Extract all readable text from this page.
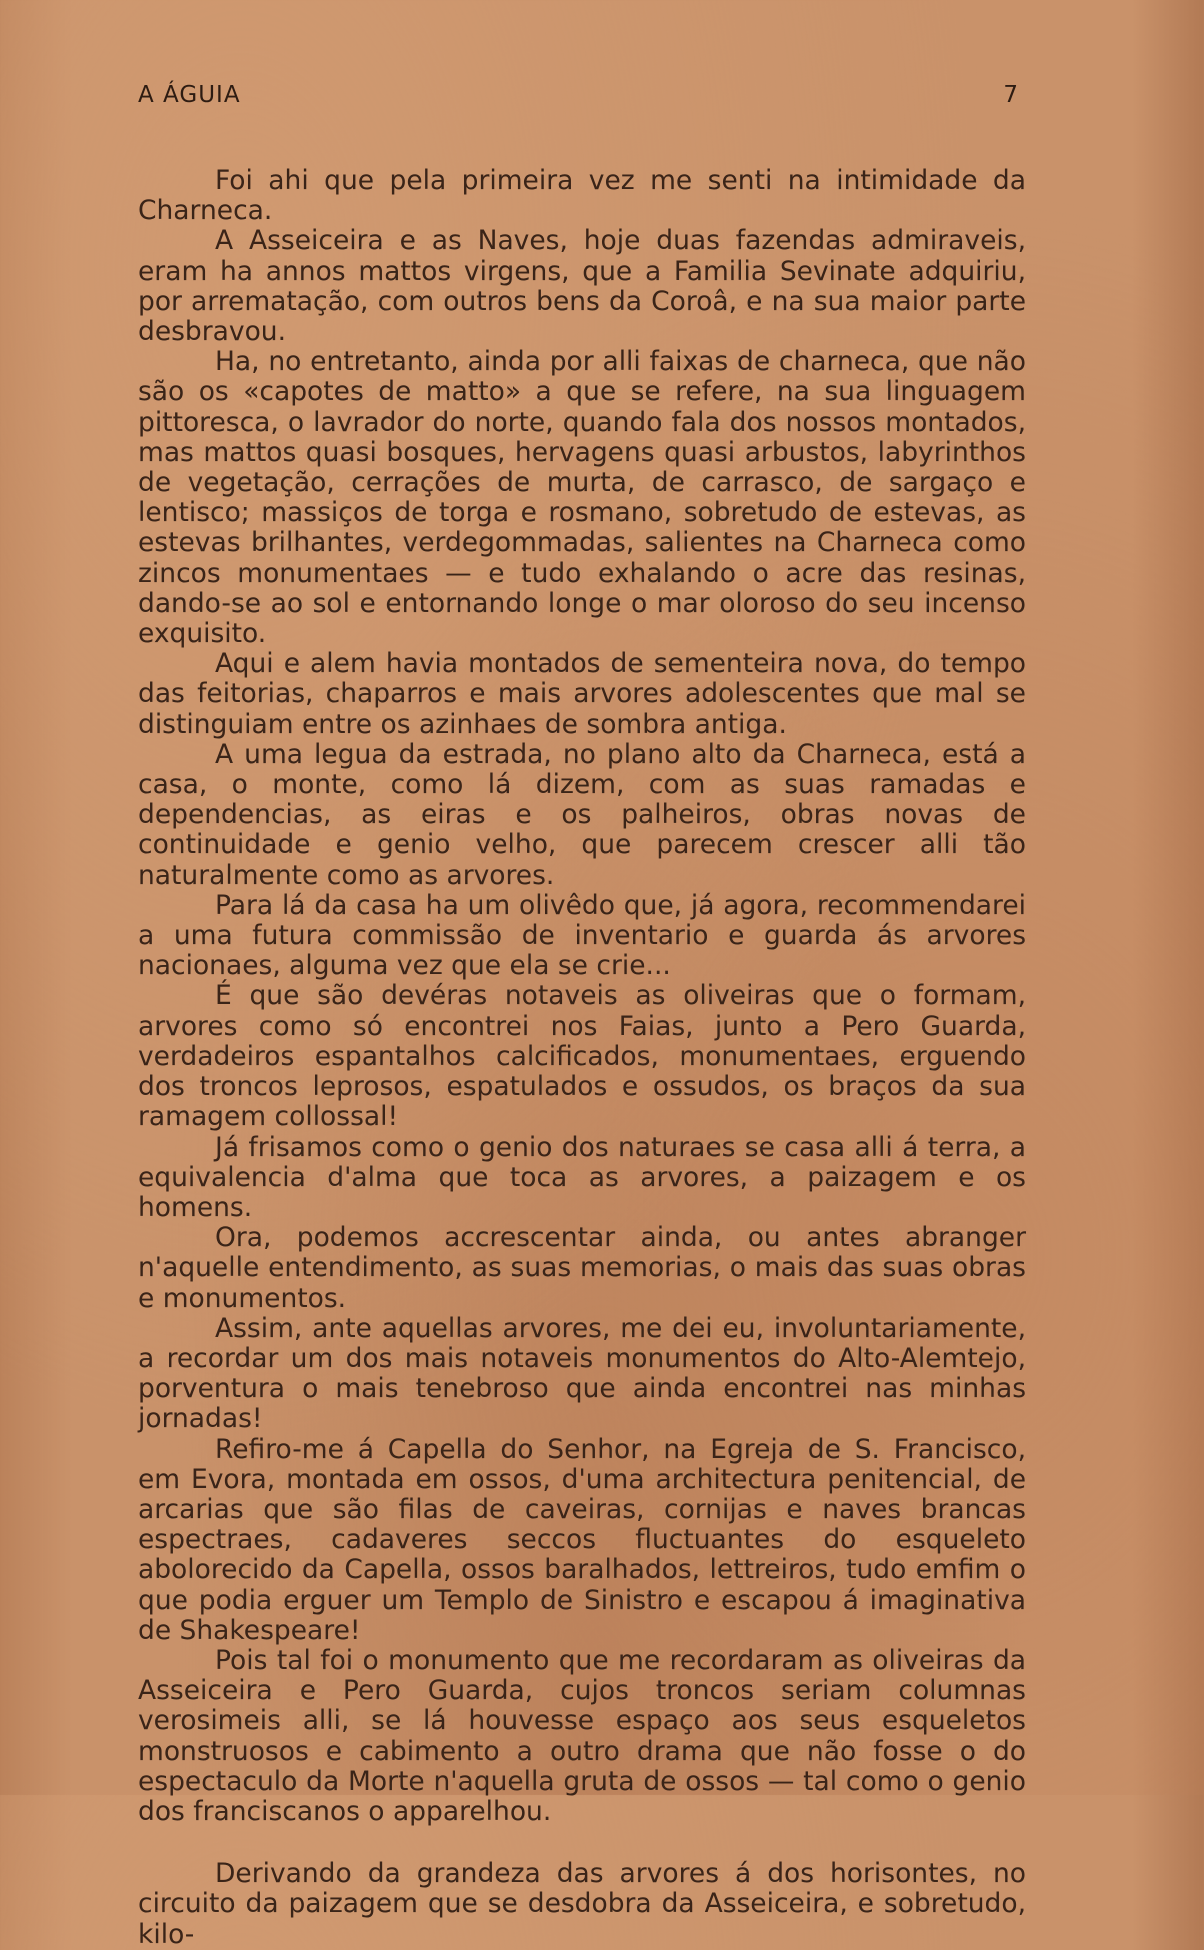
A ÁGUIA	7

Foi ahi que pela primeira vez me senti na intimidade da Charneca.

A Asseiceira e as Naves, hoje duas fazendas admiraveis, eram ha annos mattos virgens, que a Familia Sevinate adquiriu, por arrematação, com outros bens da Coroâ, e na sua maior parte desbravou.

Ha, no entretanto, ainda por alli faixas de charneca, que não são os «capotes de matto» a que se refere, na sua linguagem pittoresca, o lavrador do norte, quando fala dos nossos montados, mas mattos quasi bosques, hervagens quasi arbustos, labyrinthos de vegetação, cerrações de murta, de carrasco, de sargaço e lentisco; massiços de torga e rosmano, sobretudo de estevas, as estevas brilhantes, verdegommadas, salientes na Charneca como zincos monumentaes — e tudo exhalando o acre das resinas, dando-se ao sol e entornando longe o mar oloroso do seu incenso exquisito.

Aqui e alem havia montados de sementeira nova, do tempo das feitorias, chaparros e mais arvores adolescentes que mal se distinguiam entre os azinhaes de sombra antiga.

A uma legua da estrada, no plano alto da Charneca, está a casa, o monte, como lá dizem, com as suas ramadas e dependencias, as eiras e os palheiros, obras novas de continuidade e genio velho, que parecem crescer alli tão naturalmente como as arvores.

Para lá da casa ha um olivêdo que, já agora, recommendarei a uma futura commissão de inventario e guarda ás arvores nacionaes, alguma vez que ela se crie...

É que são devéras notaveis as oliveiras que o formam, arvores como só encontrei nos Faias, junto a Pero Guarda, verdadeiros espantalhos calcificados, monumentaes, erguendo dos troncos leprosos, espatulados e ossudos, os braços da sua ramagem collossal!

Já frisamos como o genio dos naturaes se casa alli á terra, a equivalencia d'alma que toca as arvores, a paizagem e os homens.

Ora, podemos accrescentar ainda, ou antes abranger n'aquelle entendimento, as suas memorias, o mais das suas obras e monumentos.

Assim, ante aquellas arvores, me dei eu, involuntariamente, a recordar um dos mais notaveis monumentos do Alto-Alemtejo, porventura o mais tenebroso que ainda encontrei nas minhas jornadas!

Refiro-me á Capella do Senhor, na Egreja de S. Francisco, em Evora, montada em ossos, d'uma architectura penitencial, de arcarias que são filas de caveiras, cornijas e naves brancas espectraes, cadaveres seccos fluctuantes do esqueleto abolorecido da Capella, ossos baralhados, lettreiros, tudo emfim o que podia erguer um Templo de Sinistro e escapou á imaginativa de Shakespeare!

Pois tal foi o monumento que me recordaram as oliveiras da Asseiceira e Pero Guarda, cujos troncos seriam columnas verosimeis alli, se lá houvesse espaço aos seus esqueletos monstruosos e cabimento a outro drama que não fosse o do espectaculo da Morte n'aquella gruta de ossos — tal como o genio dos franciscanos o apparelhou.

Derivando da grandeza das arvores á dos horisontes, no circuito da paizagem que se desdobra da Asseiceira, e sobretudo, kilo-
